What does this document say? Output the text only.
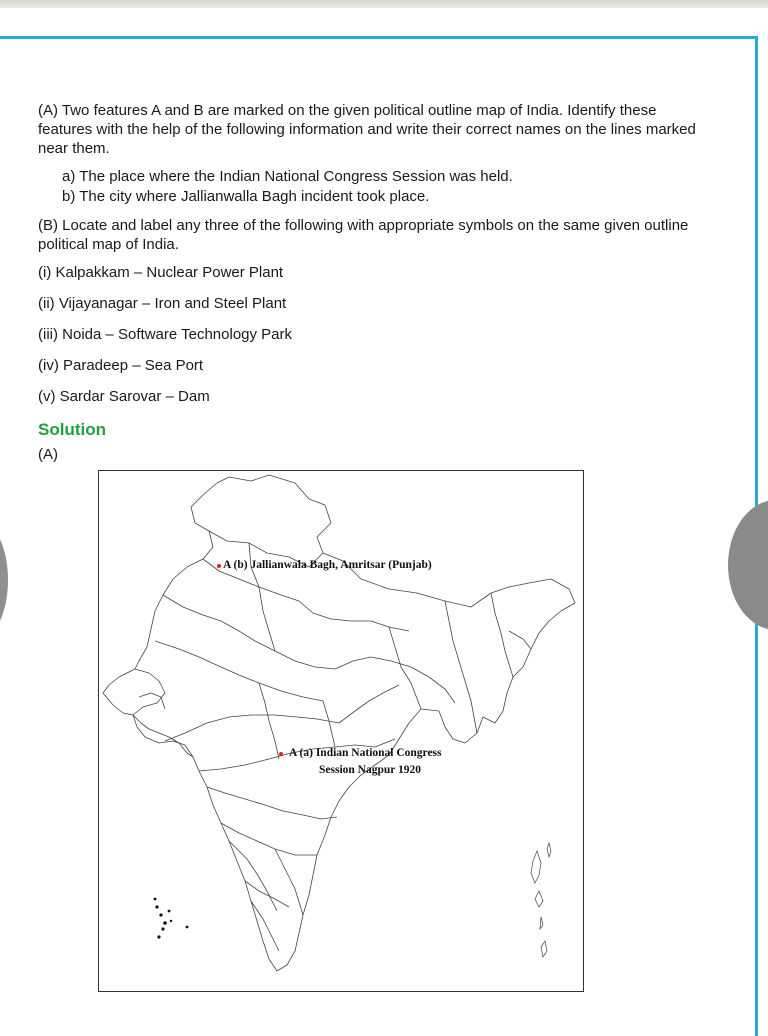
(A) Two features A and B are marked on the given political outline map of India. Identify these features with the help of the following information and write their correct names on the lines marked near them.

a) The place where the Indian National Congress Session was held.
b) The city where Jallianwalla Bagh incident took place.

(B) Locate and label any three of the following with appropriate symbols on the same given outline political map of India.

(i) Kalpakkam – Nuclear Power Plant
(ii) Vijayanagar – Iron and Steel Plant
(iii) Noida – Software Technology Park
(iv) Paradeep – Sea Port
(v) Sardar Sarovar – Dam
Solution
(A)
A (b) Jallianwala Bagh, Amritsar (Punjab)
A (a) Indian National Congress
Session Nagpur 1920
